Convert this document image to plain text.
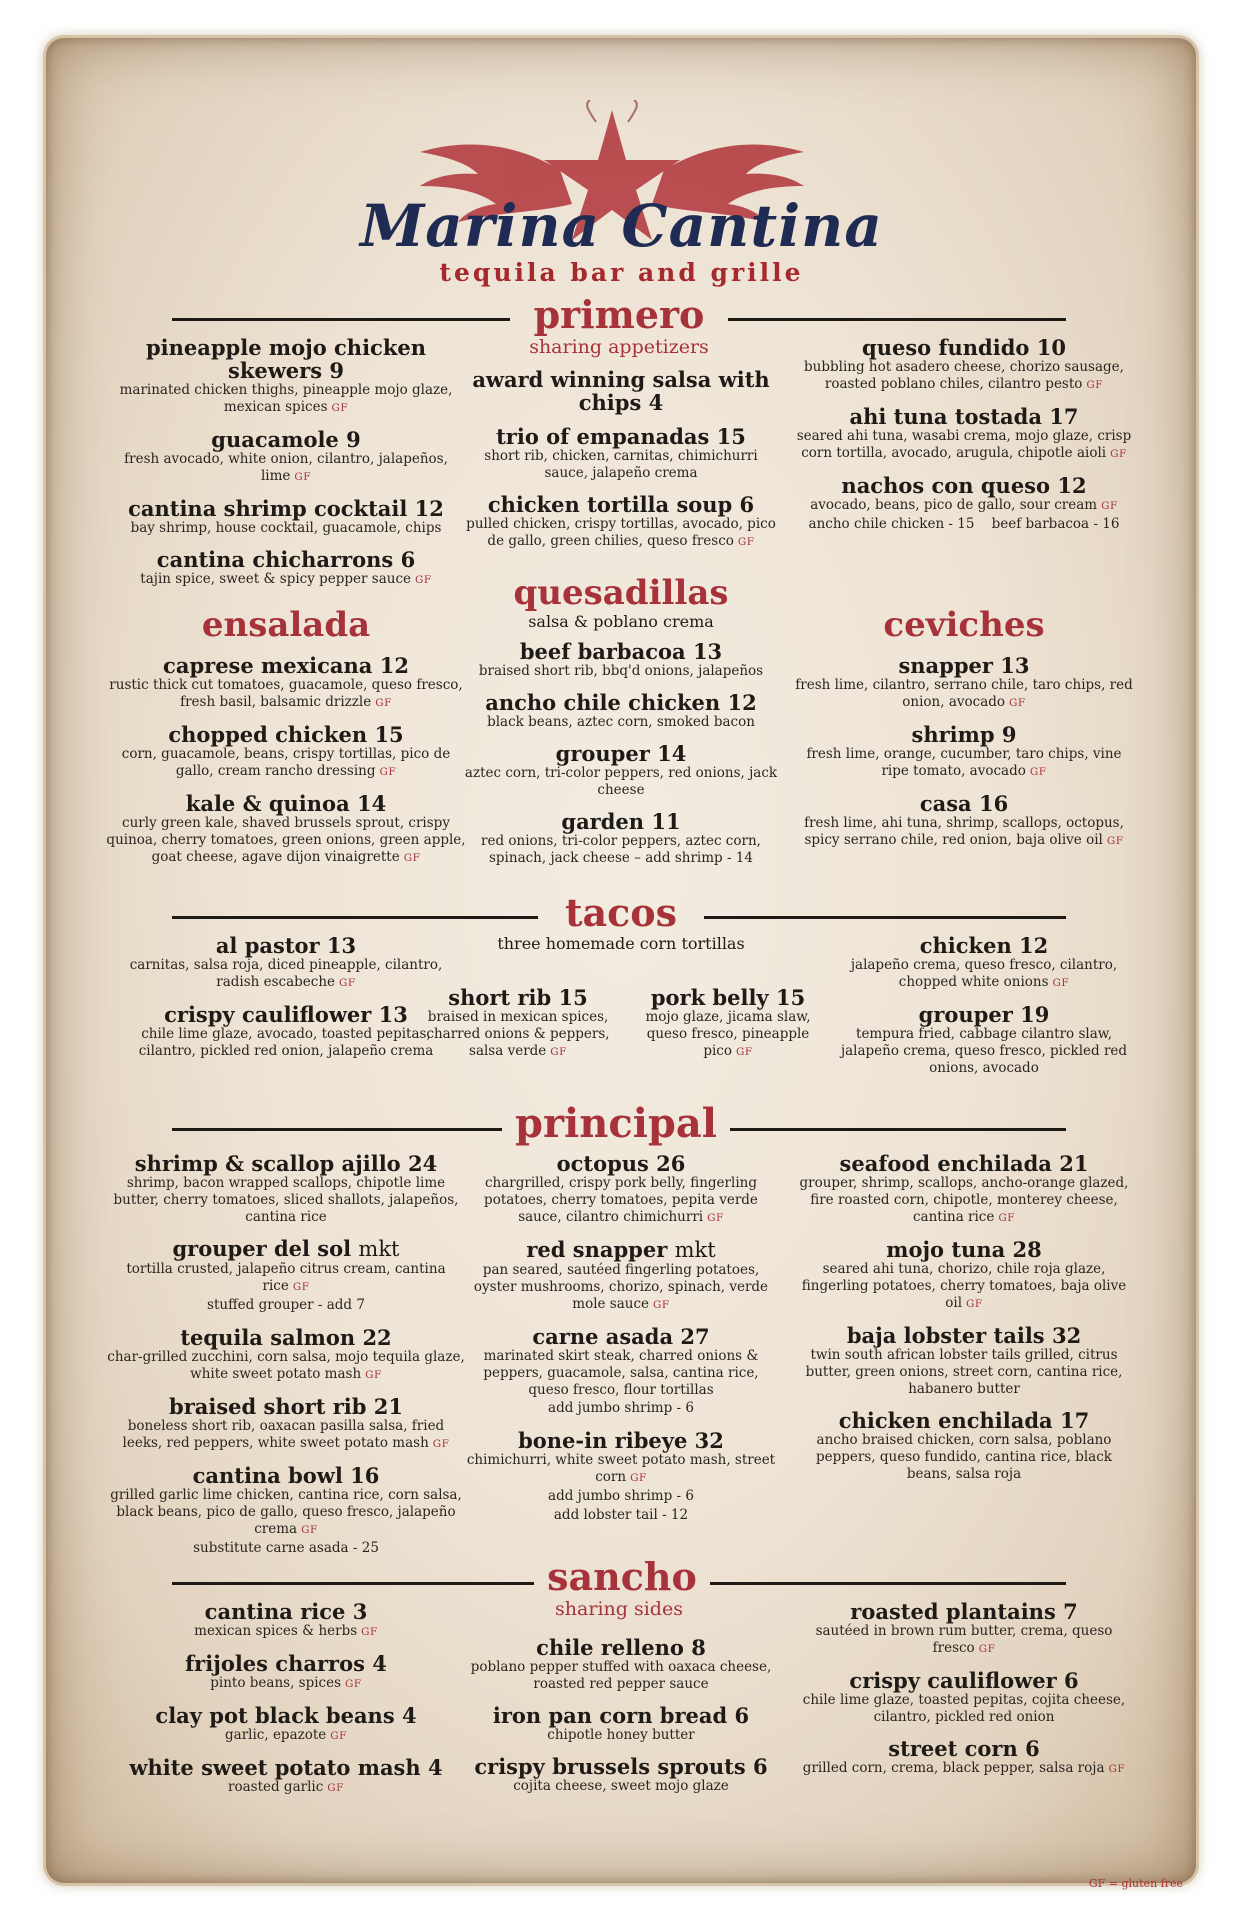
Marina Cantina
tequila bar and grille
primero
sharing appetizers
pineapple mojo chicken skewers 9
marinated chicken thighs, pineapple mojo glaze, mexican spices GF
guacamole 9
fresh avocado, white onion, cilantro, jalapeños, lime GF
cantina shrimp cocktail 12
bay shrimp, house cocktail, guacamole, chips
cantina chicharrons 6
tajin spice, sweet & spicy pepper sauce GF
award winning salsa with chips 4
trio of empanadas 15
short rib, chicken, carnitas, chimichurri sauce, jalapeño crema
chicken tortilla soup 6
pulled chicken, crispy tortillas, avocado, pico de gallo, green chilies, queso fresco GF
queso fundido 10
bubbling hot asadero cheese, chorizo sausage, roasted poblano chiles, cilantro pesto GF
ahi tuna tostada 17
seared ahi tuna, wasabi crema, mojo glaze, crisp corn tortilla, avocado, arugula, chipotle aioli GF
nachos con queso 12
avocado, beans, pico de gallo, sour cream GF
ancho chile chicken - 15    beef barbacoa - 16
ensalada
caprese mexicana 12
rustic thick cut tomatoes, guacamole, queso fresco, fresh basil, balsamic drizzle GF
chopped chicken 15
corn, guacamole, beans, crispy tortillas, pico de gallo, cream rancho dressing GF
kale & quinoa 14
curly green kale, shaved brussels sprout, crispy quinoa, cherry tomatoes, green onions, green apple, goat cheese, agave dijon vinaigrette GF
quesadillas
salsa & poblano crema
beef barbacoa 13
braised short rib, bbq'd onions, jalapeños
ancho chile chicken 12
black beans, aztec corn, smoked bacon
grouper 14
aztec corn, tri-color peppers, red onions, jack cheese
garden 11
red onions, tri-color peppers, aztec corn, spinach, jack cheese – add shrimp - 14
ceviches
snapper 13
fresh lime, cilantro, serrano chile, taro chips, red onion, avocado GF
shrimp 9
fresh lime, orange, cucumber, taro chips, vine ripe tomato, avocado GF
casa 16
fresh lime, ahi tuna, shrimp, scallops, octopus, spicy serrano chile, red onion, baja olive oil GF
tacos
three homemade corn tortillas
al pastor 13
carnitas, salsa roja, diced pineapple, cilantro, radish escabeche GF
crispy cauliflower 13
chile lime glaze, avocado, toasted pepitas, cilantro, pickled red onion, jalapeño crema
short rib 15
braised in mexican spices, charred onions & peppers, salsa verde GF
pork belly 15
mojo glaze, jicama slaw, queso fresco, pineapple pico GF
chicken 12
jalapeño crema, queso fresco, cilantro, chopped white onions GF
grouper 19
tempura fried, cabbage cilantro slaw, jalapeño crema, queso fresco, pickled red onions, avocado
principal
shrimp & scallop ajillo 24
shrimp, bacon wrapped scallops, chipotle lime butter, cherry tomatoes, sliced shallots, jalapeños, cantina rice
grouper del sol mkt
tortilla crusted, jalapeño citrus cream, cantina rice GF
stuffed grouper - add 7
tequila salmon 22
char-grilled zucchini, corn salsa, mojo tequila glaze, white sweet potato mash GF
braised short rib 21
boneless short rib, oaxacan pasilla salsa, fried leeks, red peppers, white sweet potato mash GF
cantina bowl 16
grilled garlic lime chicken, cantina rice, corn salsa, black beans, pico de gallo, queso fresco, jalapeño crema GF
substitute carne asada - 25
octopus 26
chargrilled, crispy pork belly, fingerling potatoes, cherry tomatoes, pepita verde sauce, cilantro chimichurri GF
red snapper mkt
pan seared, sautéed fingerling potatoes, oyster mushrooms, chorizo, spinach, verde mole sauce GF
carne asada 27
marinated skirt steak, charred onions & peppers, guacamole, salsa, cantina rice, queso fresco, flour tortillas
add jumbo shrimp - 6
bone-in ribeye 32
chimichurri, white sweet potato mash, street corn GF
add jumbo shrimp - 6
add lobster tail - 12
seafood enchilada 21
grouper, shrimp, scallops, ancho-orange glazed, fire roasted corn, chipotle, monterey cheese, cantina rice GF
mojo tuna 28
seared ahi tuna, chorizo, chile roja glaze, fingerling potatoes, cherry tomatoes, baja olive oil GF
baja lobster tails 32
twin south african lobster tails grilled, citrus butter, green onions, street corn, cantina rice, habanero butter
chicken enchilada 17
ancho braised chicken, corn salsa, poblano peppers, queso fundido, cantina rice, black beans, salsa roja
sancho
sharing sides
cantina rice 3
mexican spices & herbs GF
frijoles charros 4
pinto beans, spices GF
clay pot black beans 4
garlic, epazote GF
white sweet potato mash 4
roasted garlic GF
chile relleno 8
poblano pepper stuffed with oaxaca cheese, roasted red pepper sauce
iron pan corn bread 6
chipotle honey butter
crispy brussels sprouts 6
cojita cheese, sweet mojo glaze
roasted plantains 7
sautéed in brown rum butter, crema, queso fresco GF
crispy cauliflower 6
chile lime glaze, toasted pepitas, cojita cheese, cilantro, pickled red onion
street corn 6
grilled corn, crema, black pepper, salsa roja GF
GF = gluten free
